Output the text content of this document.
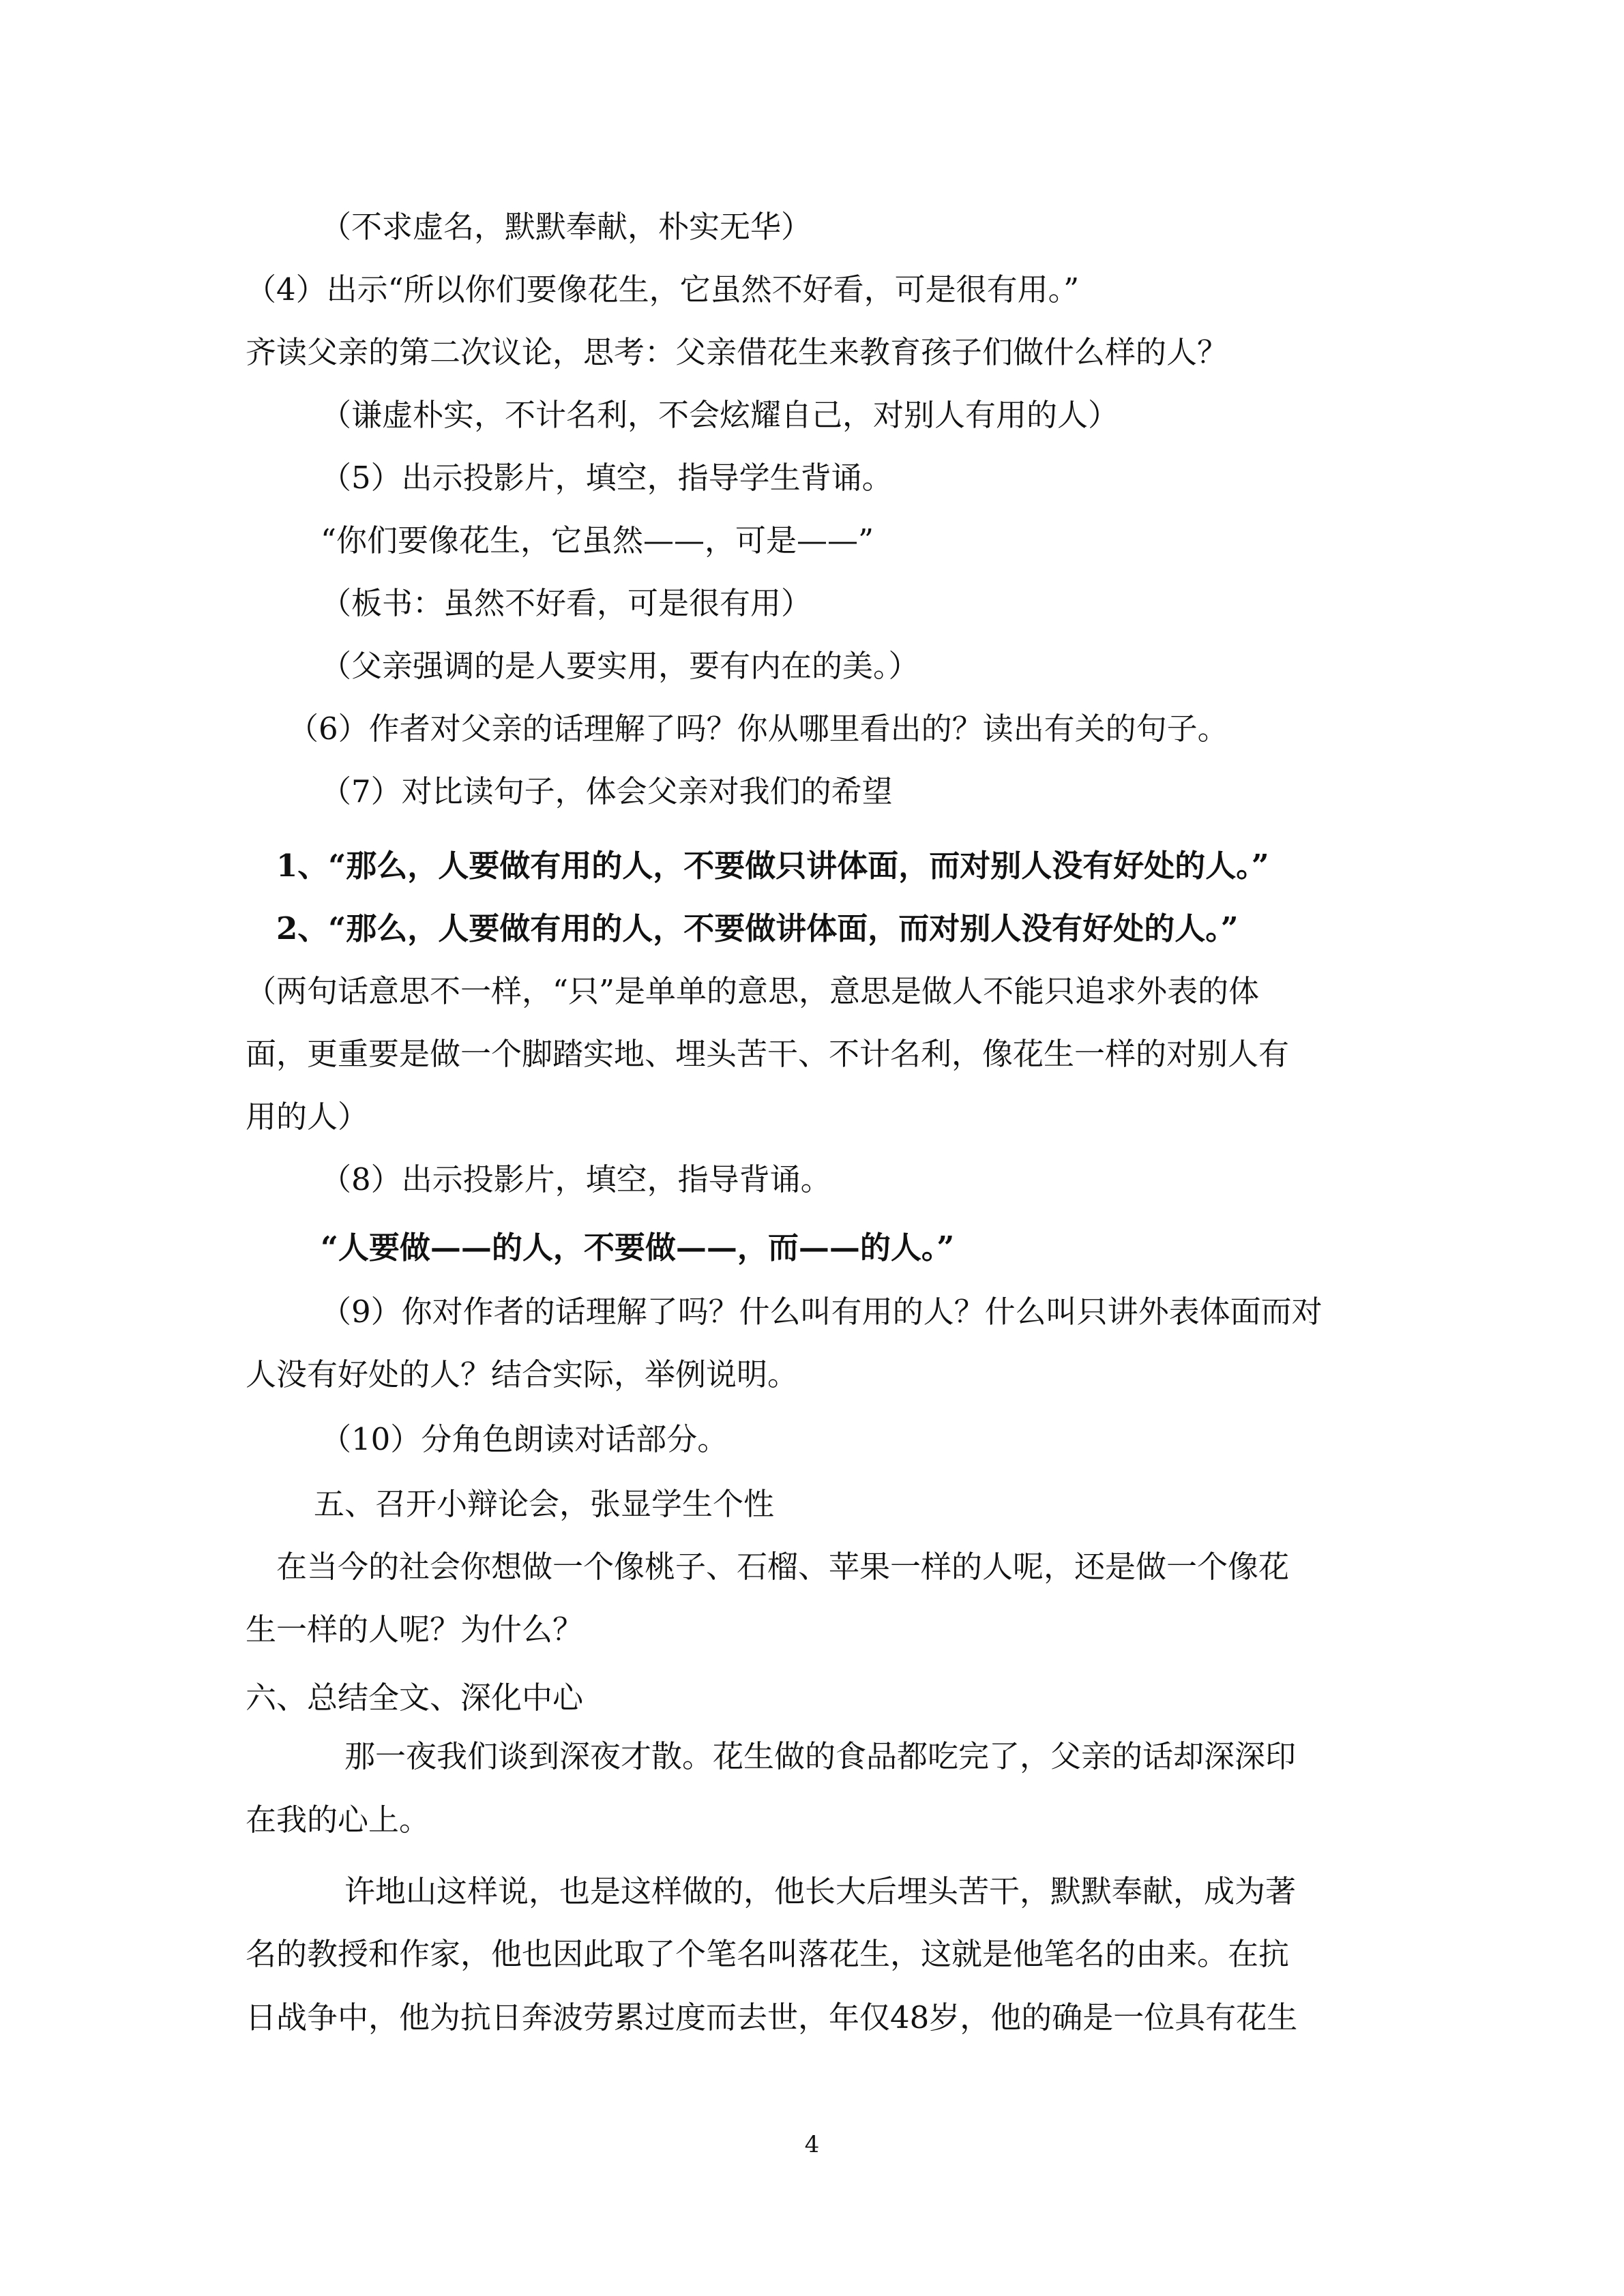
（不求虚名，默默奉献，朴实无华）

（4）出示“所以你们要像花生，它虽然不好看，可是很有用。”

齐读父亲的第二次议论，思考：父亲借花生来教育孩子们做什么样的人？

（谦虚朴实，不计名利，不会炫耀自己，对别人有用的人）

（5）出示投影片，填空，指导学生背诵。

“你们要像花生，它虽然——，可是——”

（板书：虽然不好看，可是很有用）

（父亲强调的是人要实用，要有内在的美。）

（6）作者对父亲的话理解了吗？你从哪里看出的？读出有关的句子。

（7）对比读句子，体会父亲对我们的希望

1、“那么，人要做有用的人，不要做只讲体面，而对别人没有好处的人。”

2、“那么，人要做有用的人，不要做讲体面，而对别人没有好处的人。”

（两句话意思不一样，“只”是单单的意思，意思是做人不能只追求外表的体

面，更重要是做一个脚踏实地、埋头苦干、不计名利，像花生一样的对别人有

用的人）

（8）出示投影片，填空，指导背诵。

“人要做——的人，不要做——，而——的人。”

（9）你对作者的话理解了吗？什么叫有用的人？什么叫只讲外表体面而对

人没有好处的人？结合实际，举例说明。

（10）分角色朗读对话部分。

五、召开小辩论会，张显学生个性

在当今的社会你想做一个像桃子、石榴、苹果一样的人呢，还是做一个像花

生一样的人呢？为什么？

六、总结全文、深化中心

那一夜我们谈到深夜才散。花生做的食品都吃完了，父亲的话却深深印

在我的心上。

许地山这样说，也是这样做的，他长大后埋头苦干，默默奉献，成为著

名的教授和作家，他也因此取了个笔名叫落花生，这就是他笔名的由来。在抗

日战争中，他为抗日奔波劳累过度而去世，年仅48岁，他的确是一位具有花生

4
